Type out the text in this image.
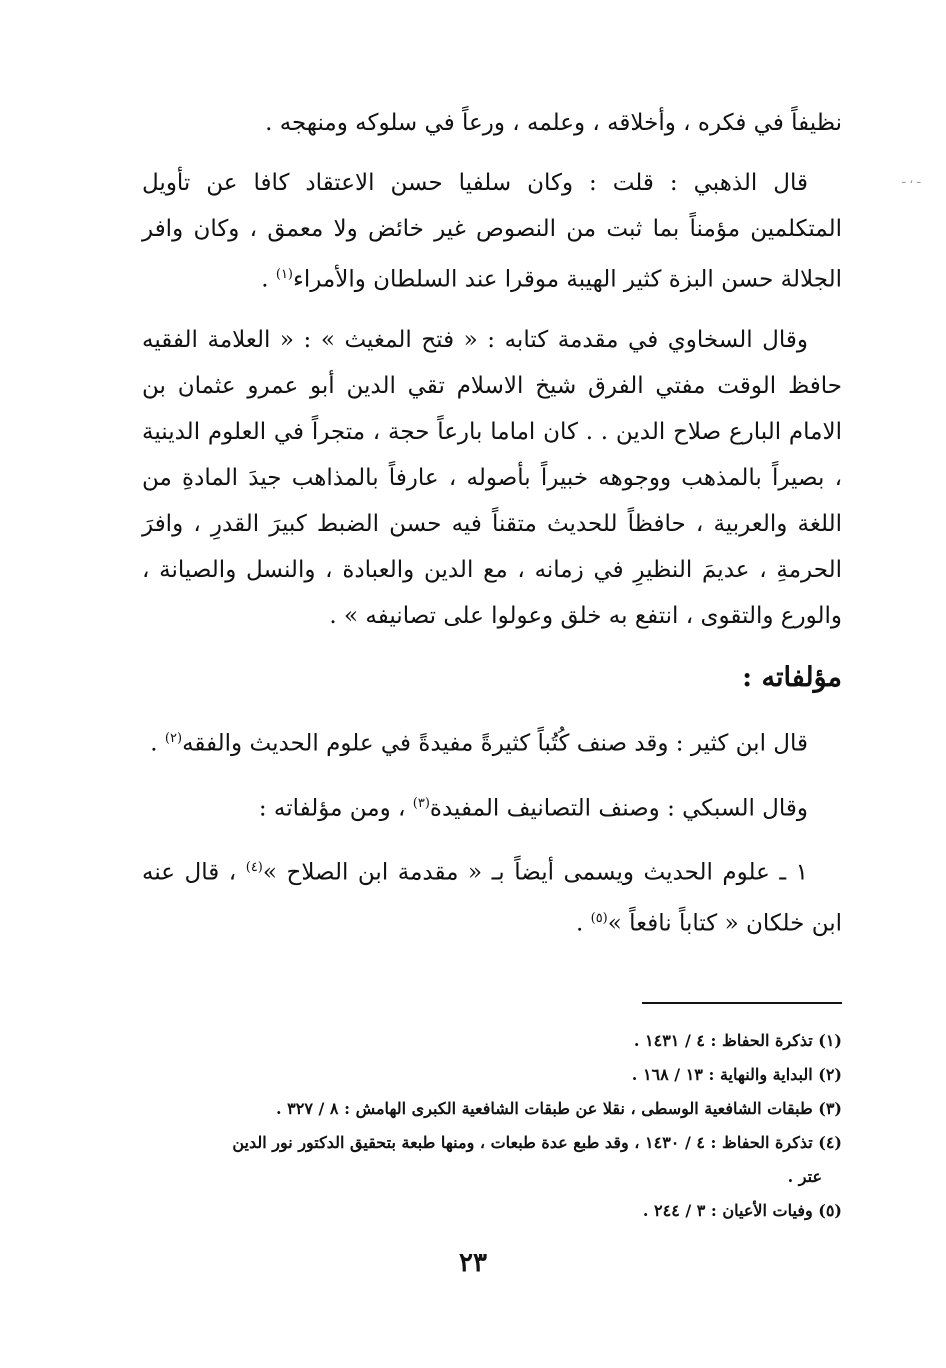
ـ ، ـ

نظيفاً في فكره ، وأخلاقه ، وعلمه ، ورعاً في سلوكه ومنهجه .

قال الذهبي : قلت : وكان سلفيا حسن الاعتقاد كافا عن تأويل المتكلمين مؤمناً بما ثبت من النصوص غير خائض ولا معمق ، وكان وافر الجلالة حسن البزة كثير الهيبة موقرا عند السلطان والأمراء$^{(١)}$ .

وقال السخاوي في مقدمة كتابه : « فتح المغيث » : « العلامة الفقيه حافظ الوقت مفتي الفرق شيخ الاسلام تقي الدين أبو عمرو عثمان بن الامام البارع صلاح الدين . . كان اماما بارعاً حجة ، متجراً في العلوم الدينية ، بصيراً بالمذهب ووجوهه خبيراً بأصوله ، عارفاً بالمذاهب جيدَ المادةِ من اللغة والعربية ، حافظاً للحديث متقناً فيه حسن الضبط كبيرَ القدرِ ، وافرَ الحرمةِ ، عديمَ النظيرِ في زمانه ، مع الدين والعبادة ، والنسل والصيانة ، والورع والتقوى ، انتفع به خلق وعولوا على تصانيفه » .

مؤلفاته :

قال ابن كثير : وقد صنف كُتُباً كثيرةً مفيدةً في علوم الحديث والفقه$^{(٢)}$ .

وقال السبكي : وصنف التصانيف المفيدة$^{(٣)}$ ، ومن مؤلفاته :

١ ـ علوم الحديث ويسمى أيضاً بـ « مقدمة ابن الصلاح »$^{(٤)}$ ، قال عنه ابن خلكان « كتاباً نافعاً »$^{(٥)}$ .

(١) تذكرة الحفاظ : ٤ / ١٤٣١ .

(٢) البداية والنهاية : ١٣ / ١٦٨ .

(٣) طبقات الشافعية الوسطى ، نقلا عن طبقات الشافعية الكبرى الهامش : ٨ / ٣٢٧ .

(٤) تذكرة الحفاظ : ٤ / ١٤٣٠ ، وقد طبع عدة طبعات ، ومنها طبعة بتحقيق الدكتور نور الدين

عتر .

(٥) وفيات الأعيان : ٣ / ٢٤٤ .

٢٣
